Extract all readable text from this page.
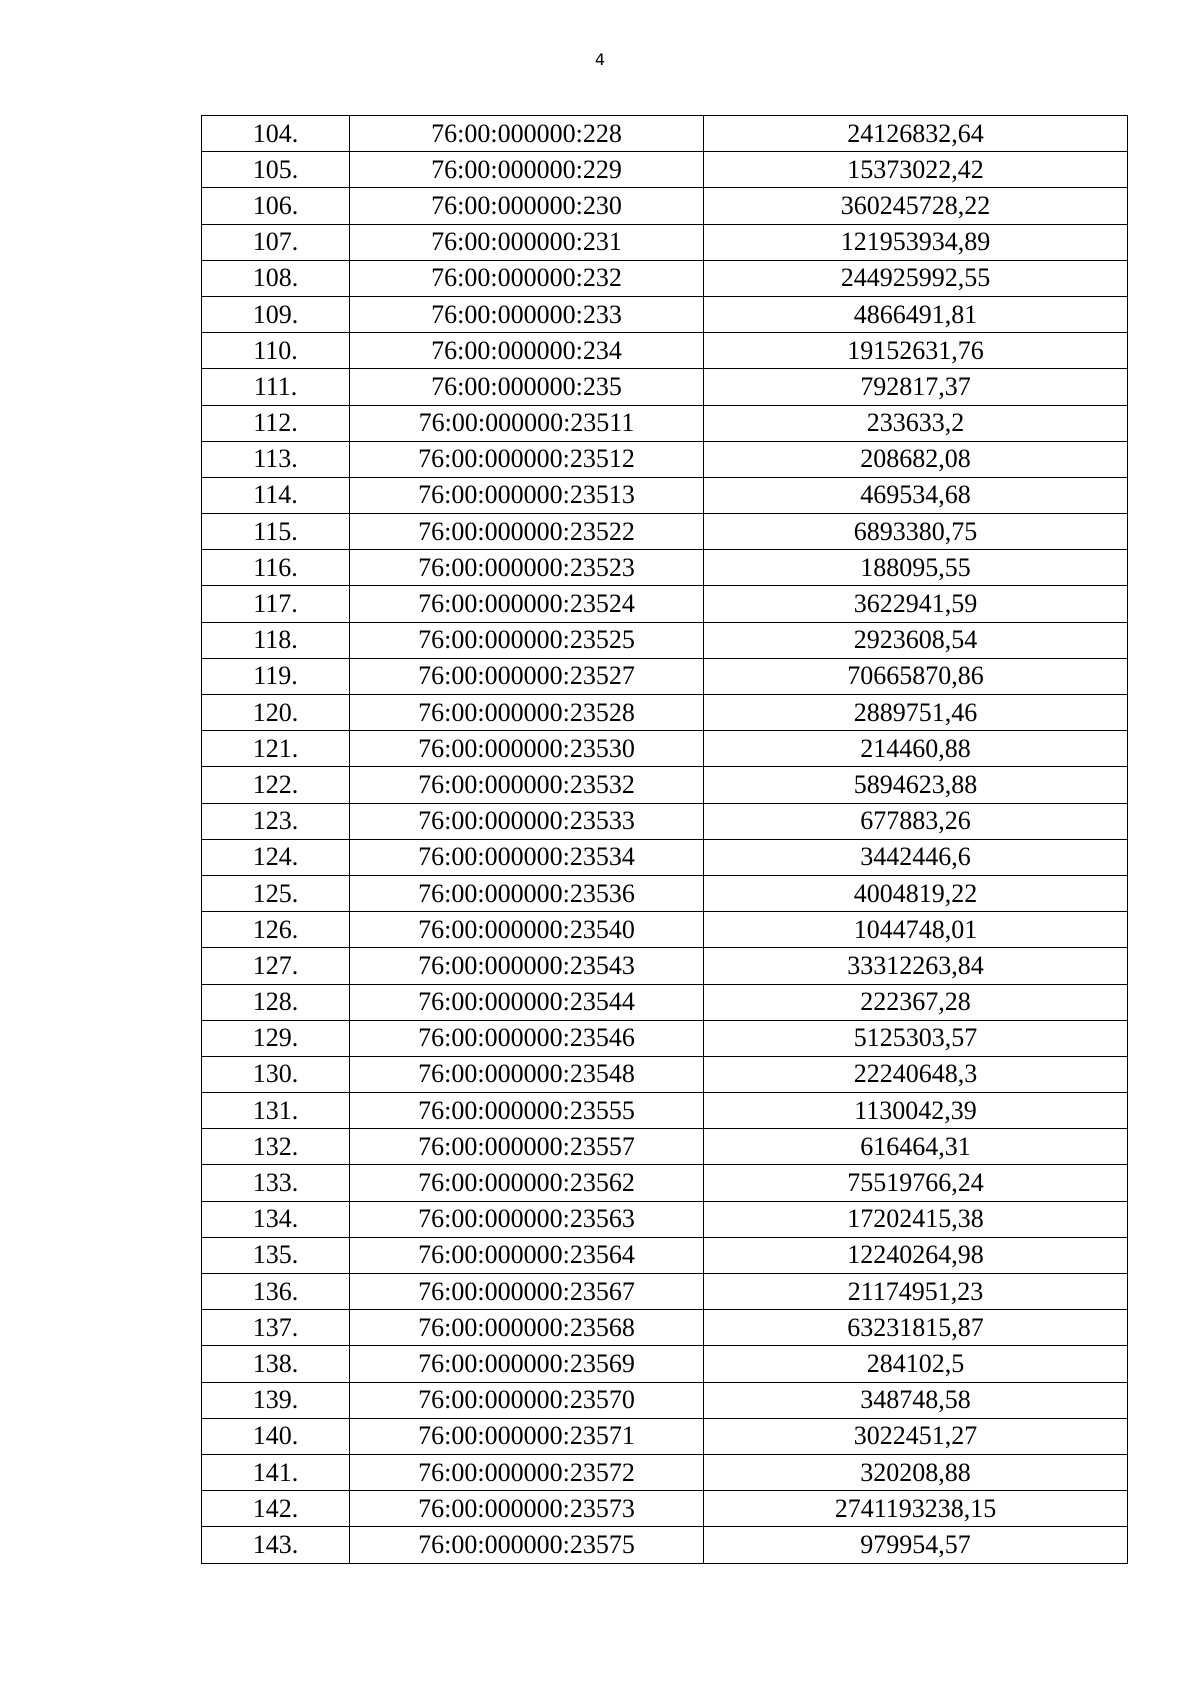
4
104.	76:00:000000:228	24126832,64
105.	76:00:000000:229	15373022,42
106.	76:00:000000:230	360245728,22
107.	76:00:000000:231	121953934,89
108.	76:00:000000:232	244925992,55
109.	76:00:000000:233	4866491,81
110.	76:00:000000:234	19152631,76
111.	76:00:000000:235	792817,37
112.	76:00:000000:23511	233633,2
113.	76:00:000000:23512	208682,08
114.	76:00:000000:23513	469534,68
115.	76:00:000000:23522	6893380,75
116.	76:00:000000:23523	188095,55
117.	76:00:000000:23524	3622941,59
118.	76:00:000000:23525	2923608,54
119.	76:00:000000:23527	70665870,86
120.	76:00:000000:23528	2889751,46
121.	76:00:000000:23530	214460,88
122.	76:00:000000:23532	5894623,88
123.	76:00:000000:23533	677883,26
124.	76:00:000000:23534	3442446,6
125.	76:00:000000:23536	4004819,22
126.	76:00:000000:23540	1044748,01
127.	76:00:000000:23543	33312263,84
128.	76:00:000000:23544	222367,28
129.	76:00:000000:23546	5125303,57
130.	76:00:000000:23548	22240648,3
131.	76:00:000000:23555	1130042,39
132.	76:00:000000:23557	616464,31
133.	76:00:000000:23562	75519766,24
134.	76:00:000000:23563	17202415,38
135.	76:00:000000:23564	12240264,98
136.	76:00:000000:23567	21174951,23
137.	76:00:000000:23568	63231815,87
138.	76:00:000000:23569	284102,5
139.	76:00:000000:23570	348748,58
140.	76:00:000000:23571	3022451,27
141.	76:00:000000:23572	320208,88
142.	76:00:000000:23573	2741193238,15
143.	76:00:000000:23575	979954,57
